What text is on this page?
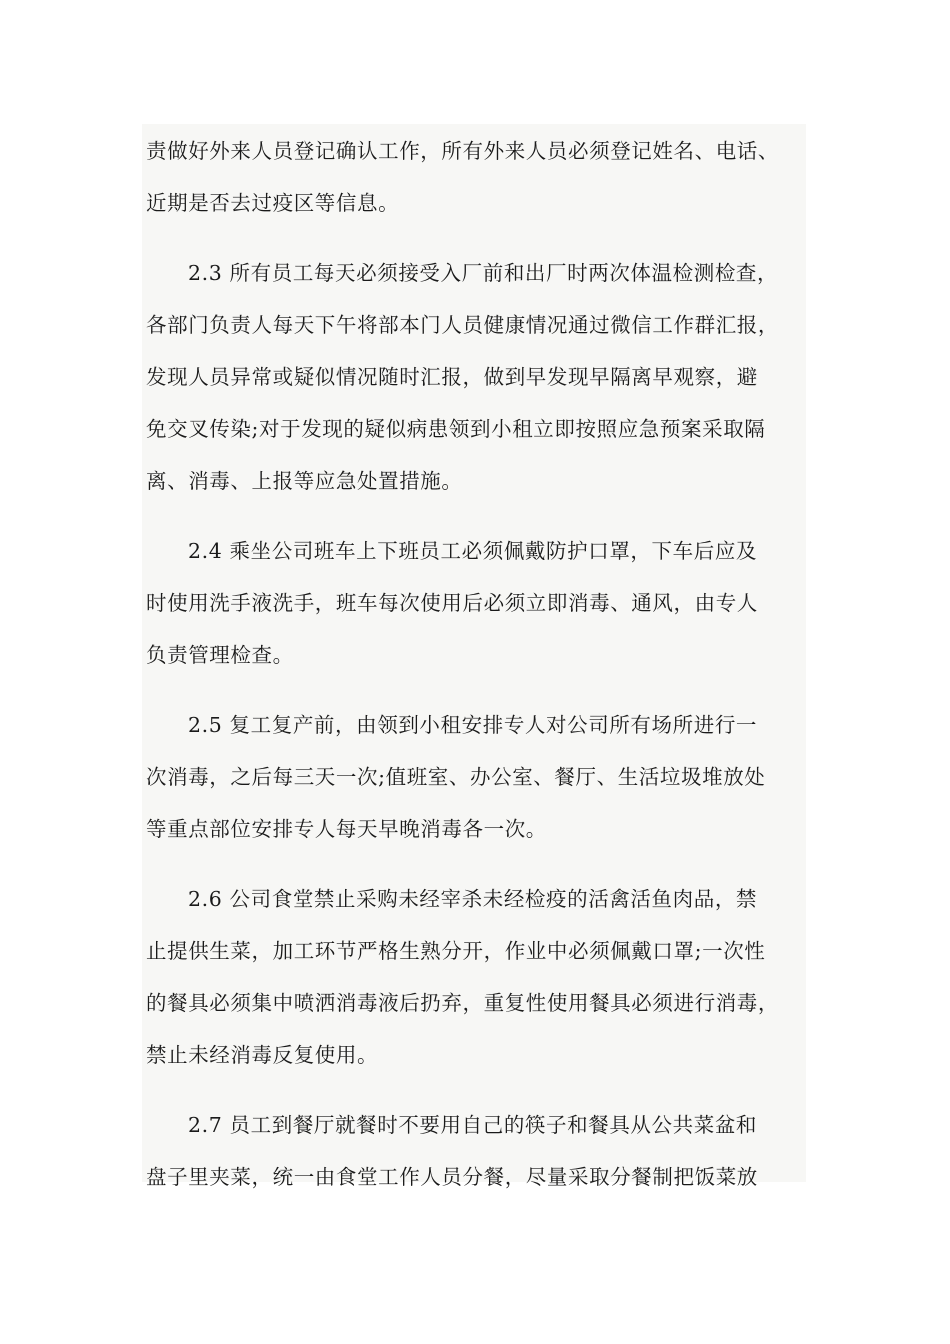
责做好外来人员登记确认工作，所有外来人员必须登记姓名、电话、
近期是否去过疫区等信息。
2.3 所有员工每天必须接受入厂前和出厂时两次体温检测检查，
各部门负责人每天下午将部本门人员健康情况通过微信工作群汇报，
发现人员异常或疑似情况随时汇报，做到早发现早隔离早观察，避
免交叉传染;对于发现的疑似病患领到小租立即按照应急预案采取隔
离、消毒、上报等应急处置措施。
2.4 乘坐公司班车上下班员工必须佩戴防护口罩，下车后应及
时使用洗手液洗手，班车每次使用后必须立即消毒、通风，由专人
负责管理检查。
2.5 复工复产前，由领到小租安排专人对公司所有场所进行一
次消毒，之后每三天一次;值班室、办公室、餐厅、生活垃圾堆放处
等重点部位安排专人每天早晚消毒各一次。
2.6 公司食堂禁止采购未经宰杀未经检疫的活禽活鱼肉品，禁
止提供生菜，加工环节严格生熟分开，作业中必须佩戴口罩;一次性
的餐具必须集中喷洒消毒液后扔弃，重复性使用餐具必须进行消毒，
禁止未经消毒反复使用。
2.7 员工到餐厅就餐时不要用自己的筷子和餐具从公共菜盆和
盘子里夹菜，统一由食堂工作人员分餐，尽量采取分餐制把饭菜放
